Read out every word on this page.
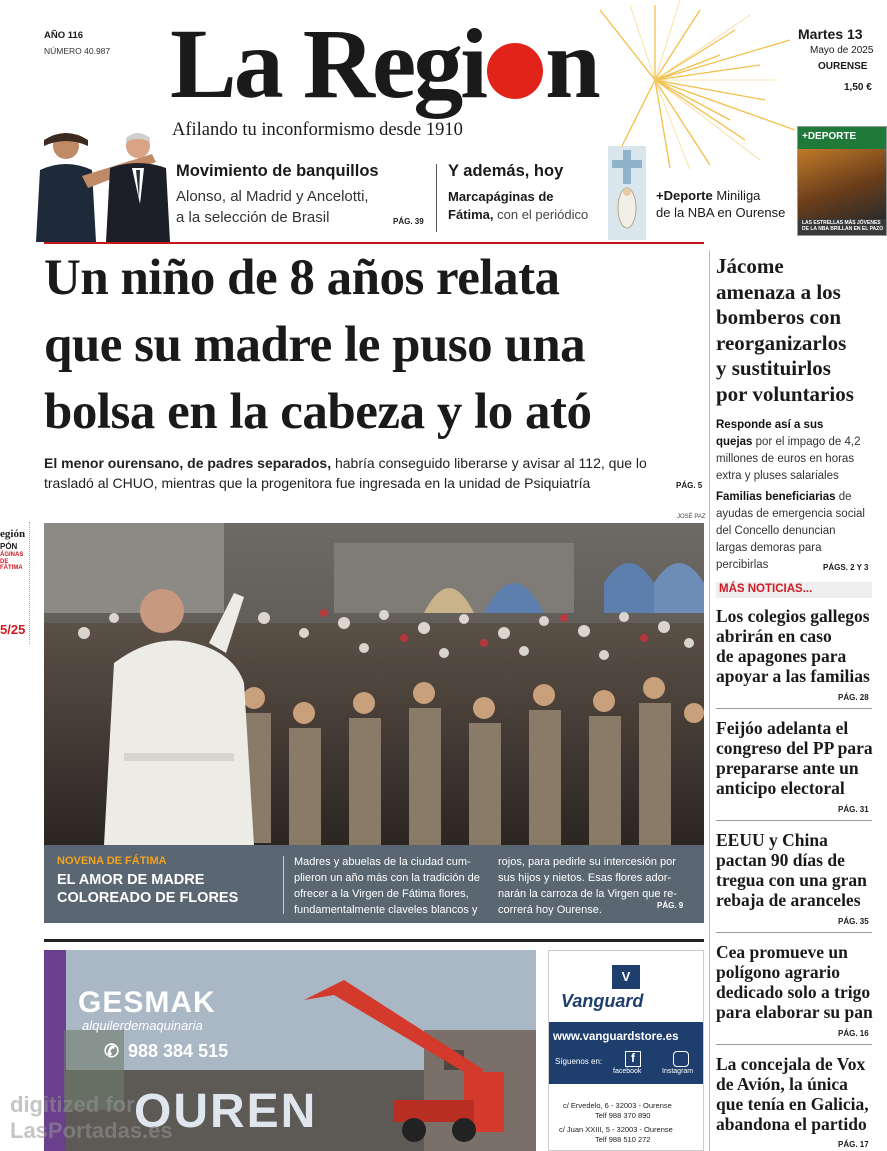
AÑO 116
NÚMERO 40.987 La Regi n
Afilando tu inconformismo desde 1910
Martes 13
Mayo de 2025
OURENSE
1,50 €
Movimiento de banquillos
Alonso, al Madrid y Ancelotti,
a la selección de Brasil	PÁG. 39
Y además, hoy
Marcapáginas de
Fátima, con el periódico
+Deporte Miniliga
de la NBA en Ourense
+DEPORTE
LAS ESTRELLAS MÁS JÓVENES DE LA NBA BRILLAN EN EL PAZO
Un niño de 8 años relata
que su madre le puso una
bolsa en la cabeza y lo ató
El menor ourensano, de padres separados, habría conseguido liberarse y avisar al 112, que lo
trasladó al CHUO, mientras que la progenitora fue ingresada en la unidad de Psiquiatría	PÁG. 5
JOSÉ PAZ
NOVENA DE FÁTIMA
EL AMOR DE MADRE
COLOREADO DE FLORES
Madres y abuelas de la ciudad cum-
plieron un año más con la tradición de
ofrecer a la Virgen de Fátima flores,
fundamentalmente claveles blancos y
rojos, para pedirle su intercesión por
sus hijos y nietos. Esas flores ador-
narán la carroza de la Virgen que re-
correrá hoy Ourense.	PÁG. 9
GESMAK
alquilerdemaquinaria
✆ 988 384 515
OUREN
V
Vanguard
www.vanguardstore.es
Síguenos en:	f
facebook	Instagram
c/ Ervedelo, 6 - 32003 - Ourense
Telf 988 370 890
c/ Juan XXIII, 5 - 32003 - Ourense
Telf 988 510 272
Jácome
amenaza a los
bomberos con
reorganizarlos
y sustituirlos
por voluntarios
Responde así a sus
quejas por el impago de 4,2
millones de euros en horas
extra y pluses salariales
Familias beneficiarias de
ayudas de emergencia social
del Concello denuncian
largas demoras para
percibirlas	PÁGS. 2 Y 3
MÁS NOTICIAS...
Los colegios gallegos
abrirán en caso
de apagones para
apoyar a las familias
PÁG. 28
Feijóo adelanta el
congreso del PP para
prepararse ante un
anticipo electoral
PÁG. 31
EEUU y China
pactan 90 días de
tregua con una gran
rebaja de aranceles
PÁG. 35
Cea promueve un
polígono agrario
dedicado solo a trigo
para elaborar su pan
PÁG. 16
La concejala de Vox
de Avión, la única
que tenía en Galicia,
abandona el partido
PÁG. 17
egión
PÓN
ÁGINAS DE FÁTIMA
5/25
digitized for
LasPortadas.es
